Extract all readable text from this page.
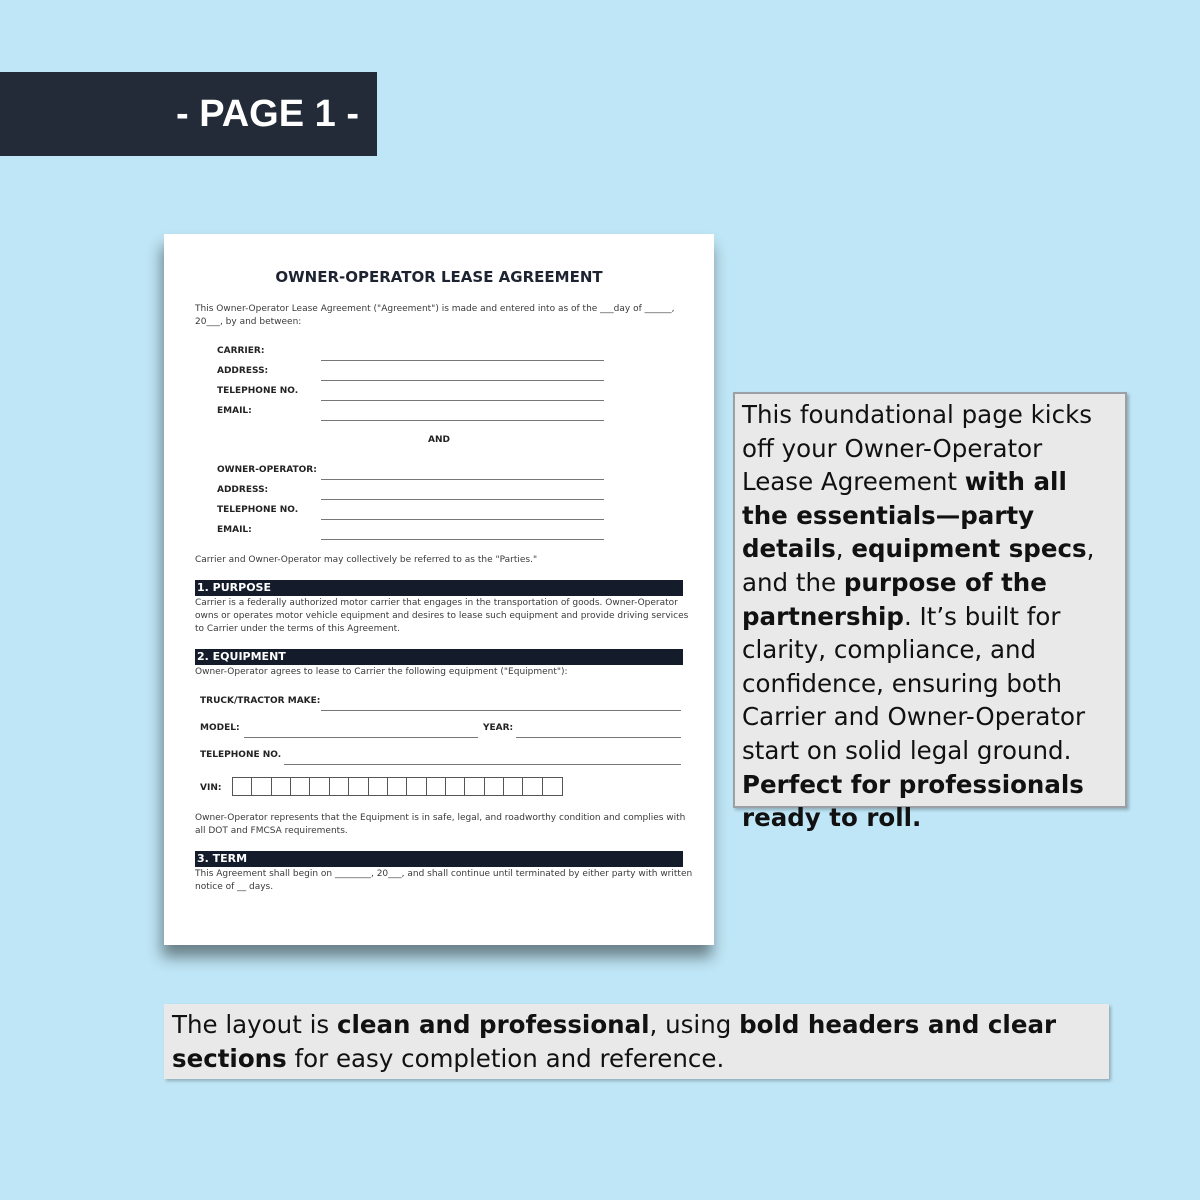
- PAGE 1 -
OWNER-OPERATOR LEASE AGREEMENT
This Owner-Operator Lease Agreement ("Agreement") is made and entered into as of the ___day of ______,
20___, by and between:
CARRIER:
ADDRESS:
TELEPHONE NO.
EMAIL:
AND
OWNER-OPERATOR:
ADDRESS:
TELEPHONE NO.
EMAIL:
Carrier and Owner-Operator may collectively be referred to as the "Parties."
1. PURPOSE
Carrier is a federally authorized motor carrier that engages in the transportation of goods. Owner-Operator
owns or operates motor vehicle equipment and desires to lease such equipment and provide driving services
to Carrier under the terms of this Agreement.
2. EQUIPMENT
Owner-Operator agrees to lease to Carrier the following equipment ("Equipment"):
TRUCK/TRACTOR MAKE:
MODEL:	YEAR:
TELEPHONE NO.
VIN:
Owner-Operator represents that the Equipment is in safe, legal, and roadworthy condition and complies with
all DOT and FMCSA requirements.
3. TERM
This Agreement shall begin on ________, 20___, and shall continue until terminated by either party with written
notice of __ days.
This foundational page kicks off your Owner-Operator Lease Agreement with all the essentials—party details, equipment specs, and the purpose of the partnership. It’s built for clarity, compliance, and confidence, ensuring both Carrier and Owner-Operator start on solid legal ground. Perfect for professionals ready to roll.
The layout is clean and professional, using bold headers and clear sections for easy completion and reference.
